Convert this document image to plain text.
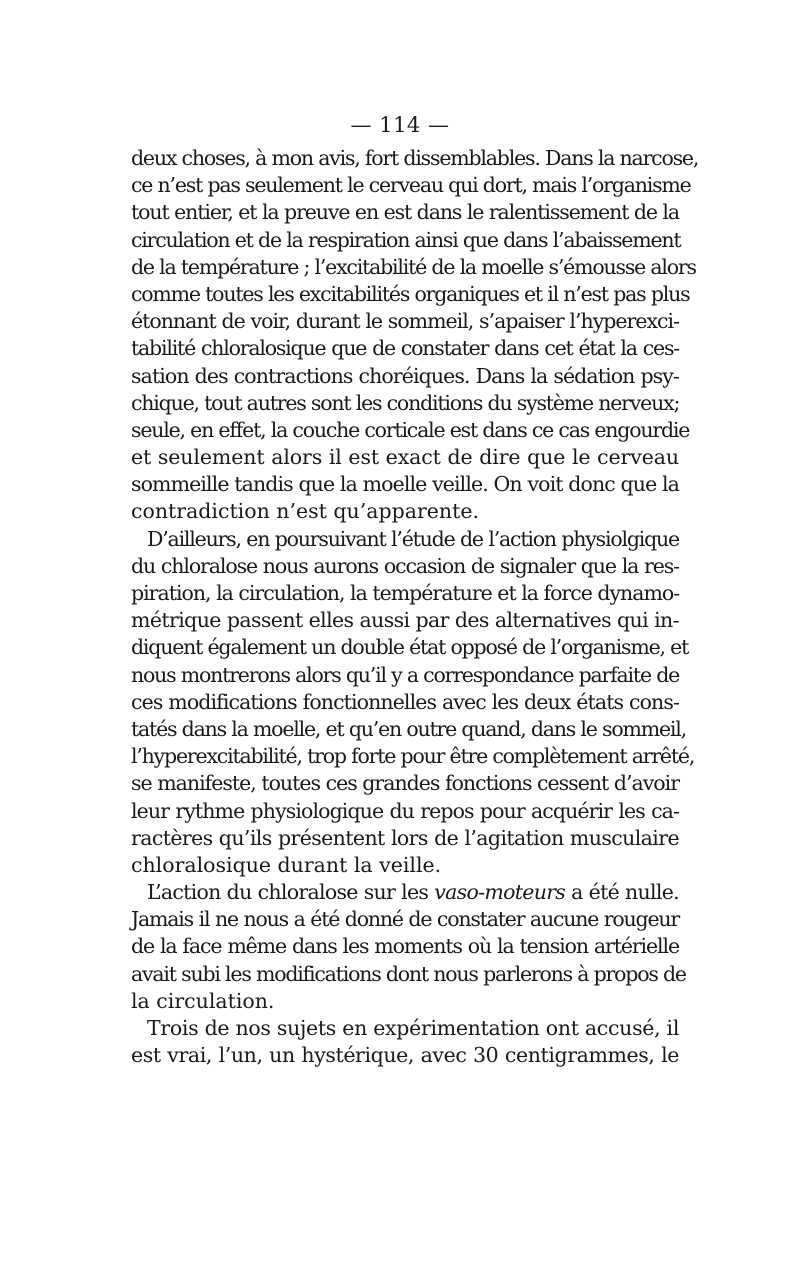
— 114 —
deux choses, à mon avis, fort dissemblables. Dans la narcose,
ce n’est pas seulement le cerveau qui dort, mais l’organisme
tout entier, et la preuve en est dans le ralentissement de la
circulation et de la respiration ainsi que dans l’abaissement
de la température ; l’excitabilité de la moelle s’émousse alors
comme toutes les excitabilités organiques et il n’est pas plus
étonnant de voir, durant le sommeil, s’apaiser l’hyperexci-
tabilité chloralosique que de constater dans cet état la ces-
sation des contractions choréiques. Dans la sédation psy-
chique, tout autres sont les conditions du système nerveux;
seule, en effet, la couche corticale est dans ce cas engourdie
et seulement alors il est exact de dire que le cerveau
sommeille tandis que la moelle veille. On voit donc que la
contradiction n’est qu’apparente.
D’ailleurs, en poursuivant l’étude de l’action physiolgique
du chloralose nous aurons occasion de signaler que la res-
piration, la circulation, la température et la force dynamo-
métrique passent elles aussi par des alternatives qui in-
diquent également un double état opposé de l’organisme, et
nous montrerons alors qu’il y a correspondance parfaite de
ces modifications fonctionnelles avec les deux états cons-
tatés dans la moelle, et qu’en outre quand, dans le sommeil,
l’hyperexcitabilité, trop forte pour être complètement arrêté,
se manifeste, toutes ces grandes fonctions cessent d’avoir
leur rythme physiologique du repos pour acquérir les ca-
ractères qu’ils présentent lors de l’agitation musculaire
chloralosique durant la veille.
L’action du chloralose sur les vaso-moteurs a été nulle.
Jamais il ne nous a été donné de constater aucune rougeur
de la face même dans les moments où la tension artérielle
avait subi les modifications dont nous parlerons à propos de
la circulation.
Trois de nos sujets en expérimentation ont accusé, il
est vrai, l’un, un hystérique, avec 30 centigrammes, le
